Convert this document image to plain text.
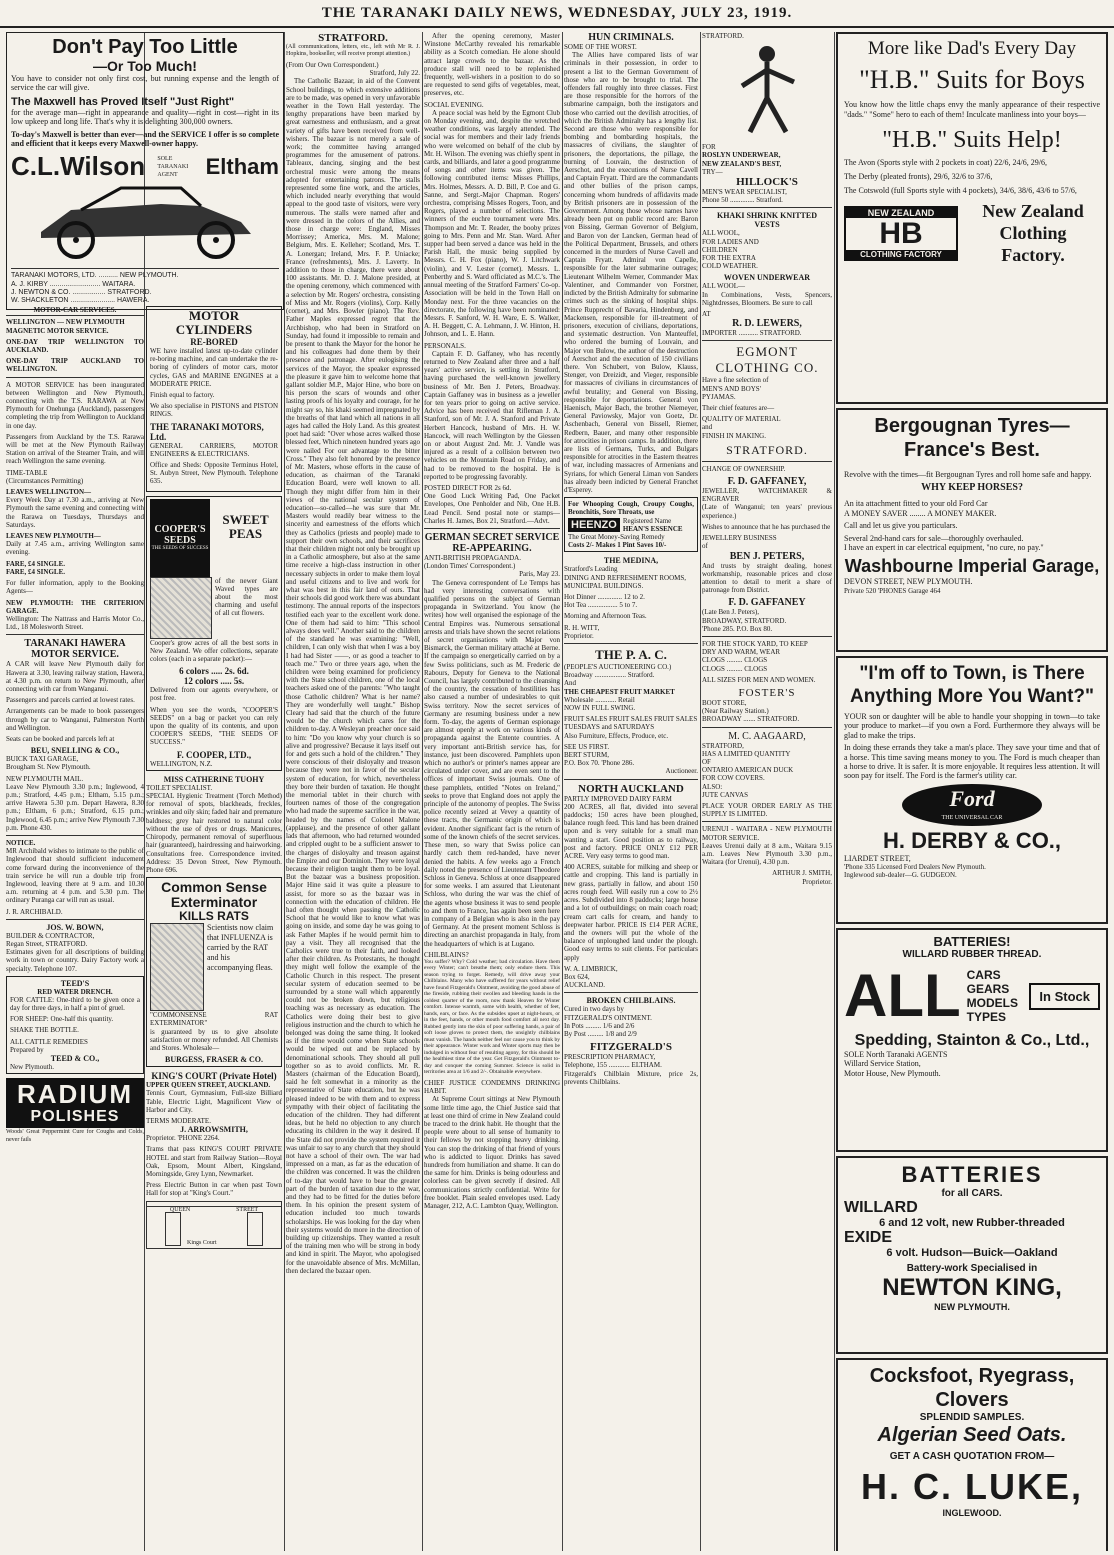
THE TARANAKI DAILY NEWS, WEDNESDAY, JULY 23, 1919.
Don't Pay Too Little
—Or Too Much!

You have to consider not only first cost, but running expense and the length of service the car will give.

The Maxwell has Proved Itself "Just Right"

for the average man—right in appearance and quality—right in cost—right in its low upkeep and long life. That's why it is delighting 300,000 owners.

To-day's Maxwell is better than ever—and the SERVICE I offer is so complete and efficient that it keeps every Maxwell-owner happy.

C.L.Wilson SOLE TARANAKI AGENT	Eltham
TARANAKI MOTORS, LTD. .......... NEW PLYMOUTH.
A. J. KIRBY .......................... WAITARA.
J. NEWTON & CO. ................. STRATFORD.
W. SHACKLETON ....................... HAWERA.
MOTOR-CAR SERVICES.
WELLINGTON — NEW PLYMOUTH
MAGNETIC MOTOR SERVICE.
ONE-DAY TRIP WELLINGTON TO AUCKLAND.
ONE-DAY TRIP AUCKLAND TO WELLINGTON.

A MOTOR SERVICE has been inaugurated between Wellington and New Plymouth, connecting with the T.S. RARAWA at New Plymouth for Onehunga (Auckland), passengers completing the trip from Wellington to Auckland in one day.

Passengers from Auckland by the T.S. Rarawa will be met at the New Plymouth Railway Station on arrival of the Steamer Train, and will reach Wellington the same evening.

TIME-TABLE
(Circumstances Permitting)
LEAVES WELLINGTON—

Every Week Day at 7.30 a.m., arriving at New Plymouth the same evening and connecting with the Rarawa on Tuesdays, Thursdays and Saturdays.

LEAVES NEW PLYMOUTH—

Daily at 7.45 a.m., arriving Wellington same evening.

FARE, £4 SINGLE.
FARE, £4 SINGLE.

For fuller information, apply to the Booking Agents—

NEW PLYMOUTH: THE CRITERION GARAGE.

Wellington: The Nattrass and Harris Motor Co., Ltd., 18 Molesworth Street.

TARANAKI HAWERA MOTOR SERVICE.

A CAR will leave New Plymouth daily for Hawera at 3.30, leaving railway station, Hawera, at 4.30 p.m. on return to New Plymouth, after connecting with car from Wanganui.

Passengers and parcels carried at lowest rates.

Arrangements can be made to book passengers through by car to Wanganui, Palmerston North and Wellington.

Seats can be booked and parcels left at

BEU, SNELLING & CO.,
BUICK TAXI GARAGE,
Brougham St. New Plymouth.
NEW PLYMOUTH MAIL.

Leave New Plymouth 3.30 p.m.; Inglewood, 4 p.m.; Stratford, 4.45 p.m.; Eltham, 5.15 p.m.; arrive Hawera 5.30 p.m. Depart Hawera, 8.30 p.m.; Eltham, 6 p.m.; Stratford, 6.15 p.m.; Inglewood, 6.45 p.m.; arrive New Plymouth 7.30 p.m. Phone 430.

NOTICE.

MR Archibald wishes to intimate to the public of Inglewood that should sufficient inducement come forward during the inconvenience of the train service he will run a double trip from Inglewood, leaving there at 9 a.m. and 10.30 a.m. returning at 4 p.m. and 5.30 p.m. The ordinary Puranga car will run as usual.

J. R. ARCHIBALD.
JOS. W. BOWN,
BUILDER & CONTRACTOR,
Regan Street, STRATFORD.

Estimates given for all descriptions of building work in town or country. Dairy Factory work a specialty. Telephone 107.

TEED'S
RED WATER DRENCH.

FOR CATTLE: One-third to be given once a day for three days, in half a pint of gruel.

FOR SHEEP: One-half this quantity.

SHAKE THE BOTTLE.
ALL CATTLE REMEDIES
Prepared by
TEED & CO.,
New Plymouth.
RADIUM
POLISHES
Woods' Great Peppermint Cure for Coughs and Colds, never fails
MOTOR CYLINDERS
RE-BORED

WE have installed latest up-to-date cylinder re-boring machine, and can undertake the re-boring of cylinders of motor cars, motor cycles, GAS and MARINE ENGINES at a MODERATE PRICE.

Finish equal to factory.

We also specialise in PISTONS and PISTON RINGS.

THE TARANAKI MOTORS, Ltd.
GENERAL CARRIERS, MOTOR ENGINEERS & ELECTRICIANS.

Office and Sheds: Opposite Terminus Hotel, St. Aubyn Street, New Plymouth. Telephone 635.

COOPER'S SEEDS
THE SEEDS OF SUCCESS
SWEET PEAS

of the newer Giant Waved types are about the most charming and useful of all cut flowers.

Cooper's grow acres of all the best sorts in New Zealand. We offer collections, separate colors (each in a separate packet):—

6 colors ..... 2s. 6d.
12 colors ..... 5s.

Delivered from our agents everywhere, or post free.

When you see the words, "COOPER'S SEEDS" on a bag or packet you can rely upon the quality of its contents, and upon COOPER'S SEEDS, "THE SEEDS OF SUCCESS."

F. COOPER, LTD.,
WELLINGTON, N.Z.
MISS CATHERINE TUOHY
TOILET SPECIALIST.

SPECIAL Hygienic Treatment (Torch Method) for removal of spots, blackheads, freckles, wrinkles and oily skin; faded hair and premature baldness; grey hair restored to natural color without the use of dyes or drugs. Manicures, Chiropody, permanent removal of superfluous hair (guaranteed), hairdressing and hairworking. Consultations free. Correspondence invited. Address: 35 Devon Street, New Plymouth. Phone 696.

Common Sense
Exterminator
KILLS RATS

Scientists now claim that INFLUENZA is carried by the RAT and his accompanying fleas.

"COMMONSENSE RAT EXTERMINATOR"

is guaranteed by us to give absolute satisfaction or money refunded. All Chemists and Stores. Wholesale—

BURGESS, FRASER & CO.
KING'S COURT (Private Hotel)
UPPER QUEEN STREET, AUCKLAND.

Tennis Court, Gymnasium, Full-size Billiard Table, Electric Light, Magnificent View of Harbor and City.

TERMS MODERATE.
J. ARROWSMITH,
Proprietor. 'PHONE 2264.

Trams that pass KING'S COURT PRIVATE HOTEL and start from Railway Station—Royal Oak, Epsom, Mount Albert, Kingsland, Morningside, Grey Lynn, Newmarket.

Press Electric Button in car when past Town Hall for stop at "King's Court."

QUEEN	STREET
Kings Court
STRATFORD.

(All communications, letters, etc., left with Mr R. J. Hopkins, bookseller, will receive prompt attention.)

(From Our Own Correspondent.)
Stratford, July 22.

The Catholic Bazaar, in aid of the Convent School buildings, to which extensive additions are to be made, was opened in very unfavorable weather in the Town Hall yesterday. The lengthy preparations have been marked by great earnestness and enthusiasm, and a great variety of gifts have been received from well-wishers. The bazaar is not merely a sale of work; the committee having arranged programmes for the amusement of patrons. Tableaux, dancing, singing and the best orchestral music were among the means adopted for entertaining patrons. The stalls represented some fine work, and the articles, which included nearly everything that would appeal to the good taste of visitors, were very numerous. The stalls were named after and were dressed in the colors of the Allies, and those in charge were: England, Misses Morrissey; America, Mrs. M. Malone; Belgium, Mrs. E. Kelleher; Scotland, Mrs. T. A. Lonergan; Ireland, Mrs. F. P. Uniacke; France (refreshments), Mrs. J. Laverty. In addition to those in charge, there were about 100 assistants. Mr. D. J. Malone presided, at the opening ceremony, which commenced with a selection by Mr. Rogers' orchestra, consisting of Miss and Mr. Rogers (violins), Corp. Kelly (cornet), and Mrs. Bowler (piano). The Rev. Father Maples expressed regret that the Archbishop, who had been in Stratford on Sunday, had found it impossible to remain and be present to thank the Mayor for the honor he and his colleagues had done them by their presence and patronage. After eulogising the services of the Mayor, the speaker expressed the pleasure it gave him to welcome home that gallant soldier M.P., Major Hine, who bore on his person the scars of wounds and other lasting proofs of his loyalty and courage, for he might say so, his khaki seemed impregnated by the breaths of that land which all nations in all ages had called the Holy Land. As this greatest poet had said: "Over whose acres walked those blessed feet, Which nineteen hundred years ago were nailed For our advantage to the bitter Cross." They also felt honored by the presence of Mr. Masters, whose efforts in the cause of education, as chairman of the Taranaki Education Board, were well known to all. Though they might differ from him in their views of the national secular system of education—so-called—he was sure that Mr. Masters would readily bear witness to the sincerity and earnestness of the efforts which they as Catholics (priests and people) made to support their own schools, and their sacrifices that their children might not only be brought up in a Catholic atmosphere, but also at the same time receive a high-class instruction in other necessary subjects in order to make them loyal and useful citizens and to live and work for what was best in this fair land of ours. That their schools did good work there was abundant testimony. The annual reports of the inspectors testified each year to the excellent work done. One of them had said to him: "This school always does well." Another said to the children of the standard he was examining: "Well, children, I can only wish that when I was a boy I had had Sister ——, or as good a teacher to teach me." Two or three years ago, when the children were being examined for proficiency with the State school children, one of the local teachers asked one of the parents: "Who taught those Catholic children? What is her name? They are wonderfully well taught." Bishop Cleary had said that the church of the future would be the church which cares for the children to-day. A Wesleyan preacher once said to him: "Do you know why your church is so alive and progressive? Because it lays itself out for and gets such a hold of the children." They were conscious of their disloyalty and treason because they were not in favor of the secular system of education, for which, nevertheless they bore their burden of taxation. He thought the memorial tablet in their church with fourteen names of those of the congregation who had made the supreme sacrifice in the war, headed by the names of Colonel Malone (applause), and the presence of other gallant lads that afternoon, who had returned wounded and crippled ought to be a sufficient answer to the charges of disloyalty and treason against the Empire and our Dominion. They were loyal because their religion taught them to be loyal. But the bazaar was a business proposition. Major Hine said it was quite a pleasure to assist, for more so as the bazaar was in connection with the education of children. He had often thought when passing the Catholic School that he would like to know what was going on inside, and some day he was going to ask Father Maples if he would permit him to pay a visit. They all recognised that the Catholics were true to their faith, and looked after their children. As Protestants, he thought they might well follow the example of the Catholic Church in this respect. The present secular system of education seemed to be surrounded by a stone wall which apparently could not be broken down, but religious teaching was as necessary as education. The Catholics were doing their best to give religious instruction and the church to which he belonged was doing the same thing. It looked as if the time would come when State schools would be wiped out and be replaced by denominational schools. They should all pull together so as to avoid conflicts. Mr. R. Masters (chairman of the Education Board), said he felt somewhat in a minority as the representative of State education, but he was pleased indeed to be with them and to express sympathy with their object of facilitating the education of the children. They had different ideas, but he held no objection to any church educating its children in the way it desired. If the State did not provide the system required it was unfair to say to any church that they should not have a school of their own. The war had impressed on a man, as far as the education of the children was concerned. It was the children of to-day that would have to bear the greater part of the burden of taxation due to the war, and they had to be fitted for the duties before them. In his opinion the present system of education included too much towards scholarships. He was looking for the day when their systems would do more in the direction of building up citizenships. They wanted a result of the training men who will be strong in body and kind in spirit. The Mayor, who apologised for the unavoidable absence of Mrs. McMillan, then declared the bazaar open.

After the opening ceremony, Master Winstone McCarthy revealed his remarkable ability as a Scotch comedian. He alone should attract large crowds to the bazaar. As the produce stall will need to be replenished frequently, well-wishers in a position to do so are requested to send gifts of vegetables, meat, preserves, etc.

SOCIAL EVENING.

A peace social was held by the Egmont Club on Monday evening, and, despite the wretched weather conditions, was largely attended. The social was for members and their lady friends who were welcomed on behalf of the club by Mr. H. Wilson. The evening was chiefly spent in cards, and billiards, and later a good programme of songs and other items was given. The following contributed items: Misses Phillips, Mrs. Holmes, Messrs. A. D. Bill, P. Coe and G. Sanne, and Sergt.-Major Chapman. Rogers' orchestra, comprising Misses Rogers, Toon, and Rogers, played a number of selections. The winners of the euchre tournament were Mrs. Thompson and Mr. T. Reader, the booby prizes going to Mrs. Penn and Mr. Stan. Ward. After supper had been served a dance was held in the Parish Hall, the music being supplied by Messrs. C. H. Fox (piano), W. J. Litchwark (violin), and V. Lester (cornet). Messrs. L. Penberthy and S. Ward officiated as M.C.'s. The annual meeting of the Stratford Farmers' Co-op. Association will be held in the Town Hall on Monday next. For the three vacancies on the directorate, the following have been nominated: Messrs. F. Sanford, W. H. Ware, E. S. Walker, A. H. Beggett, C. A. Lehmann, J. W. Hinton, H. Johnson, and L. E. Hann.

PERSONALS.

Captain F. D. Gaffaney, who has recently returned to New Zealand after three and a half years' active service, is settling in Stratford, having purchased the well-known jewellery business of Mr. Ben J. Peters, Broadway. Captain Gaffaney was in business as a jeweller for ten years prior to going on active service. Advice has been received that Rifleman J. A. Stanford, son of Mr. J. A. Stanford and Private Herbert Hancock, husband of Mrs. H. W. Hancock, will reach Wellington by the Giessen on or about August 2nd. Mr. J. Vandle was injured as a result of a collision between two vehicles on the Mountain Road on Friday, and had to be removed to the hospital. He is reported to be progressing favorably.

POSTED DIRECT FOR 2s 6d.

One Good Luck Writing Pad, One Packet Envelopes, One Penholder and Nib, One H.B. Lead Pencil. Send postal note or stamps—Charles H. James, Box 21, Stratford.—Advt.

GERMAN SECRET SERVICE RE-APPEARING.
ANTI-BRITISH PROPAGANDA.
(London Times' Correspondent.)
Paris, May 23.

The Geneva correspondent of Le Temps has had very interesting conversations with qualified persons on the subject of German propaganda in Switzerland. You know (he writes) how well organised the espionage of the Central Empires was. Numerous sensational arrests and trials have shown the secret relations of secret organisations with Major von Bismarck, the German military attaché at Berne. If the campaign so energetically carried on by a few Swiss politicians, such as M. Frederic de Rabours, Deputy for Geneva to the National Council, has largely contributed to the cleansing of the country, the cessation of hostilities has also caused a number of undesirables to quit Swiss territory. Now the secret services of Germany are resuming business under a new form. To-day, the agents of German espionage are almost openly at work on various kinds of propaganda against the Entente countries. A very important anti-British service has, for instance, just been discovered. Pamphlets upon which no author's or printer's names appear are circulated under cover, and are even sent to the offices of important Swiss journals. One of these pamphlets, entitled "Notes on Ireland," seeks to prove that England does not apply the principle of the autonomy of peoples. The Swiss police recently seized at Vevey a quantity of these tracts, the Germanic origin of which is evident. Another significant fact is the return of some of the known chiefs of the secret services. These men, so wary that Swiss police can hardly catch them red-handed, have never denied the habits. A few weeks ago a French daily noted the presence of Lieutenant Theodore Schloss in Geneva. Schloss at once disappeared for some weeks. I am assured that Lieutenant Schloss, who during the war was the chief of the agents whose business it was to send people to and them to France, has again been seen here in company of a Belgian who is also in the pay of Germany. At the present moment Schloss is directing an anarchist propaganda in Italy, from the headquarters of which is at Lugano.

CHILBLAINS?

You suffer? Why? Cold weather; bad circulation. Have them every Winter; can't breathe them; only endure them. This season trying to forget. Remedy, will drive away your Chilblains. Many who have suffered for years without relief have found Fitzgerald's Ointment, avoiding the good abuse of the fireside, rubbing their swollen and bleeding hands in the coldest quarter of the room, now thank Heaven for Winter comfort. Intense warmth, some with health, whether of feet, hands, ears, or face. As the subsides upset at night-hours, or in the feet, hands, or other mouth food comfort all next day. Rubbed gently into the skin of poor suffering hands, a pair of soft loose gloves to protect them, the unsightly chilblains must vanish. The hands neither feel nor cause you to think by their appearance. Winter work and Winter sports may then be indulged in without fear of resulting agony, for this should be the healthiest time of the year. Get Fitzgerald's Ointment to-day and conquer the coming Summer. Science is solid in territories area at 1/6 and 2/-. Obtainable everywhere.

CHIEF JUSTICE CONDEMNS DRINKING HABIT.

At Supreme Court sittings at New Plymouth some little time ago, the Chief Justice said that at least one third of crime in New Zealand could be traced to the drink habit. He thought that the people were about to all sense of humanity to their fellows by not stopping heavy drinking. You can stop the drinking of that friend of yours who is addicted to liquor. Drinks has saved hundreds from humiliation and shame. It can do the same for him. Drinks is being odourless and colorless can be given secretly if desired. All communications strictly confidential. Write for free booklet. Plain sealed envelopes used. Lady Manager, 212, A.C. Lambton Quay, Wellington.

HUN CRIMINALS.
SOME OF THE WORST.

The Allies have compared lists of war criminals in their possession, in order to present a list to the German Government of those who are to be brought to trial. The offenders fall roughly into three classes. First are those responsible for the horrors of the submarine campaign, both the instigators and those who carried out the devilish atrocities, of which the British Admiralty has a lengthy list. Second are those who were responsible for bombing and bombarding hospitals, the massacres of civilians, the slaughter of prisoners, the deportations, the pillage, the burning of Louvain, the destruction of Aerschot, and the executions of Nurse Cavell and Captain Fryatt. Third are the commandants and other bullies of the prison camps, concerning whom hundreds of affidavits made by British prisoners are in possession of the Government. Among those whose names have already been put on public record are: Baron von Bissing, German Governor of Belgium, and Baron von der Lancken, German head of the Political Department, Brussels, and others concerned in the murders of Nurse Cavell and Captain Fryatt. Admiral von Capelle, responsible for the later submarine outrages; Lieutenant Wilhelm Werner, Commander Max Valentiner, and Commander von Forstner, indicted by the British Admiralty for submarine crimes such as the sinking of hospital ships. Prince Rupprecht of Bavaria, Hindenburg, and Mackensen, responsible for ill-treatment of prisoners, execution of civilians, deportations, and systematic destruction. Von Manteuffel, who ordered the burning of Louvain, and Major von Bulow, the author of the destruction of Aerschot and the execution of 150 civilians there. Von Schubert, von Bulow, Klauss, Stenger, von Dreizidt, and Vieger, responsible for massacres of civilians in circumstances of awful brutality; and General von Bissing, responsible for deportations. General von Haenisch, Major Bach, the brother Niemeyer, General Paviowsky, Major von Goetz, Dr. Aschenbach, General von Bissell, Riemer, Redbern, Bauer, and many other responsible for atrocities in prison camps. In addition, there are lists of Germans, Turks, and Bulgars responsible for atrocities in the Eastern theatres of war, including massacres of Armenians and Syrians, for which General Liman von Sanders has already been indicted by General Franchet d'Esperey.

For Whooping Cough, Croupy Coughs, Bronchitis, Sore Throats, use
HEENZO Registered Name
HEAN'S ESSENCE
The Great Money-Saving Remedy
Costs 2/- Makes 1 Pint Saves 10/-
THE MEDINA,
Stratford's Leading
DINING AND REFRESHMENT ROOMS,
MUNICIPAL BUILDINGS.
Hot Dinner .............. 12 to 2.
Hot Tea ................. 5 to 7.
Morning and Afternoon Teas.
R. H. WITT,
Proprietor.
THE P. A. C.
(PEOPLE'S AUCTIONEERING CO.)
Broadway .................. Stratford.
And
THE CHEAPEST FRUIT MARKET
Wholesale ............ Retail
NOW IN FULL SWING.
FRUIT SALES FRUIT SALES FRUIT SALES
TUESDAYS and SATURDAYS
Also Furniture, Effects, Produce, etc.
SEE US FIRST.
BERT STURM,
P.O. Box 70. 'Phone 286.
Auctioneer.
NORTH AUCKLAND
PARTLY IMPROVED DAIRY FARM

200 ACRES, all flat, divided into several paddocks; 150 acres have been ploughed, balance rough feed. This land has been drained upon and is very suitable for a small man wanting a start. Good position as to railway, post and factory. PRICE ONLY £12 PER ACRE. Very easy terms to good man.

400 ACRES, suitable for milking and sheep or cattle and cropping. This land is partially in new grass, partially in fallow, and about 150 acres rough feed. Will easily run a cow to 2½ acres. Subdivided into 8 paddocks; large house and a lot of outbuildings; on main coach road; cream cart calls for cream, and handy to deepwater harbor. PRICE IS £14 PER ACRE, and the owners will put the whole of the balance of unploughed land under the plough. Good easy terms to suit clients. For particulars apply

W. A. LIMBRICK,
Box 624,
AUCKLAND.
BROKEN CHILBLAINS.
Cured in two days by
FITZGERALD'S OINTMENT.
In Pots ......... 1/6 and 2/6
By Post ......... 1/8 and 2/9
FITZGERALD'S
PRESCRIPTION PHARMACY,
Telephone, 155 ............ ELTHAM.

Fitzgerald's Chilblain Mixture, price 2s, prevents Chilblains.

STRATFORD.
FOR
ROSLYN UNDERWEAR,
NEW ZEALAND'S BEST,
TRY—
HILLOCK'S
MEN'S WEAR SPECIALIST,
Phone 50 .............. Stratford.
KHAKI SHRINK KNITTED
VESTS
ALL WOOL,
FOR LADIES AND
CHILDREN
FOR THE EXTRA
COLD WEATHER.
WOVEN UNDERWEAR
ALL WOOL—

In Combinations, Vests, Spencers, Nightdresses, Bloomers. Be sure to call

AT
R. D. LEWERS,
IMPORTER ........... STRATFORD.
EGMONT
CLOTHING CO.
Have a fine selection of
MEN'S AND BOYS'
PYJAMAS.
Their chief features are—
QUALITY OF MATERIAL
and
FINISH IN MAKING.
STRATFORD.
CHANGE OF OWNERSHIP.
F. D. GAFFANEY,
JEWELLER, WATCHMAKER & ENGRAVER

(Late of Wanganui; ten years' previous experience.)

Wishes to announce that he has purchased the

JEWELLERY BUSINESS
of
BEN J. PETERS,

And trusts by straight dealing, honest workmanship, reasonable prices and close attention to detail to merit a share of patronage from District.

F. D. GAFFANEY
(Late Ben J. Peters),
BROADWAY, STRATFORD.
'Phone 285. P.O. Box 80.
FOR THE STOCK YARD, TO KEEP
DRY AND WARM, WEAR
CLOGS ......... CLOGS
CLOGS ......... CLOGS
ALL SIZES FOR MEN AND WOMEN.
FOSTER'S
BOOT STORE,
(Near Railway Station.)
BROADWAY ....... STRATFORD.
M. C. AAGAARD,
STRATFORD,
HAS A LIMITED QUANTITY
OF
ONTARIO AMERICAN DUCK
FOR COW COVERS.
ALSO:
JUTE CANVAS

PLACE YOUR ORDER EARLY AS THE SUPPLY IS LIMITED.

URENUI - WAITARA - NEW PLYMOUTH MOTOR SERVICE.

Leaves Urenui daily at 8 a.m., Waitara 9.15 a.m. Leaves New Plymouth 3.30 p.m., Waitara (for Urenui), 4.30 p.m.

ARTHUR J. SMITH,
Proprietor.
More like Dad's Every Day
"H.B." Suits for Boys

You know how the little chaps envy the manly appearance of their respective "dads." "Some" hero to each of them! Inculcate manliness into your boys—

"H.B." Suits Help!

The Avon (Sports style with 2 pockets in coat) 22/6, 24/6, 29/6,

The Derby (pleated fronts), 29/6, 32/6 to 37/6,

The Cotswold (full Sports style with 4 pockets), 34/6, 38/6, 43/6 to 57/6,

NEW ZEALAND
HB
CLOTHING FACTORY
New Zealand
Clothing Factory.
Bergougnan Tyres—
France's Best.

Revolve with the times—fit Bergougnan Tyres and roll home safe and happy.

WHY KEEP HORSES?
An ita attachment fitted to your old Ford Car
A MONEY SAVER ........ A MONEY MAKER.
Call and let us give you particulars.
Several 2nd-hand cars for sale—thoroughly overhauled.
I have an expert in car electrical equipment, "no cure, no pay."
Washbourne Imperial Garage,
DEVON STREET, NEW PLYMOUTH.
Private 520 'PHONES Garage 464
"I'm off to Town, is There
Anything More You Want?"

YOUR son or daughter will be able to handle your shopping in town—to take your produce to market—if you own a Ford. Furthermore they always will be glad to make the trips.

In doing these errands they take a man's place. They save your time and that of a horse. This time saving means money to you. The Ford is much cheaper than a horse to drive. It is safer. It is more enjoyable. It requires less attention. It will soon pay for itself. The Ford is the farmer's utility car.

Ford
THE UNIVERSAL CAR
H. DERBY & CO.,
LIARDET STREET,
'Phone 335 Licensed Ford Dealers New Plymouth.
Inglewood sub-dealer—G. GUDGEON.
BATTERIES!
WILLARD RUBBER THREAD.
ALL CARS
GEARS
MODELS
TYPES
In Stock
Spedding, Stainton & Co., Ltd.,
SOLE North Taranaki AGENTS
Willard Service Station,
Motor House, New Plymouth.
BATTERIES
for all CARS.
WILLARD
6 and 12 volt, new Rubber-threaded
EXIDE
6 volt. Hudson—Buick—Oakland
Battery-work Specialised in
NEWTON KING,
NEW PLYMOUTH.
Cocksfoot, Ryegrass,
Clovers
SPLENDID SAMPLES.
Algerian Seed Oats.
GET A CASH QUOTATION FROM—
H. C. LUKE,
INGLEWOOD.
